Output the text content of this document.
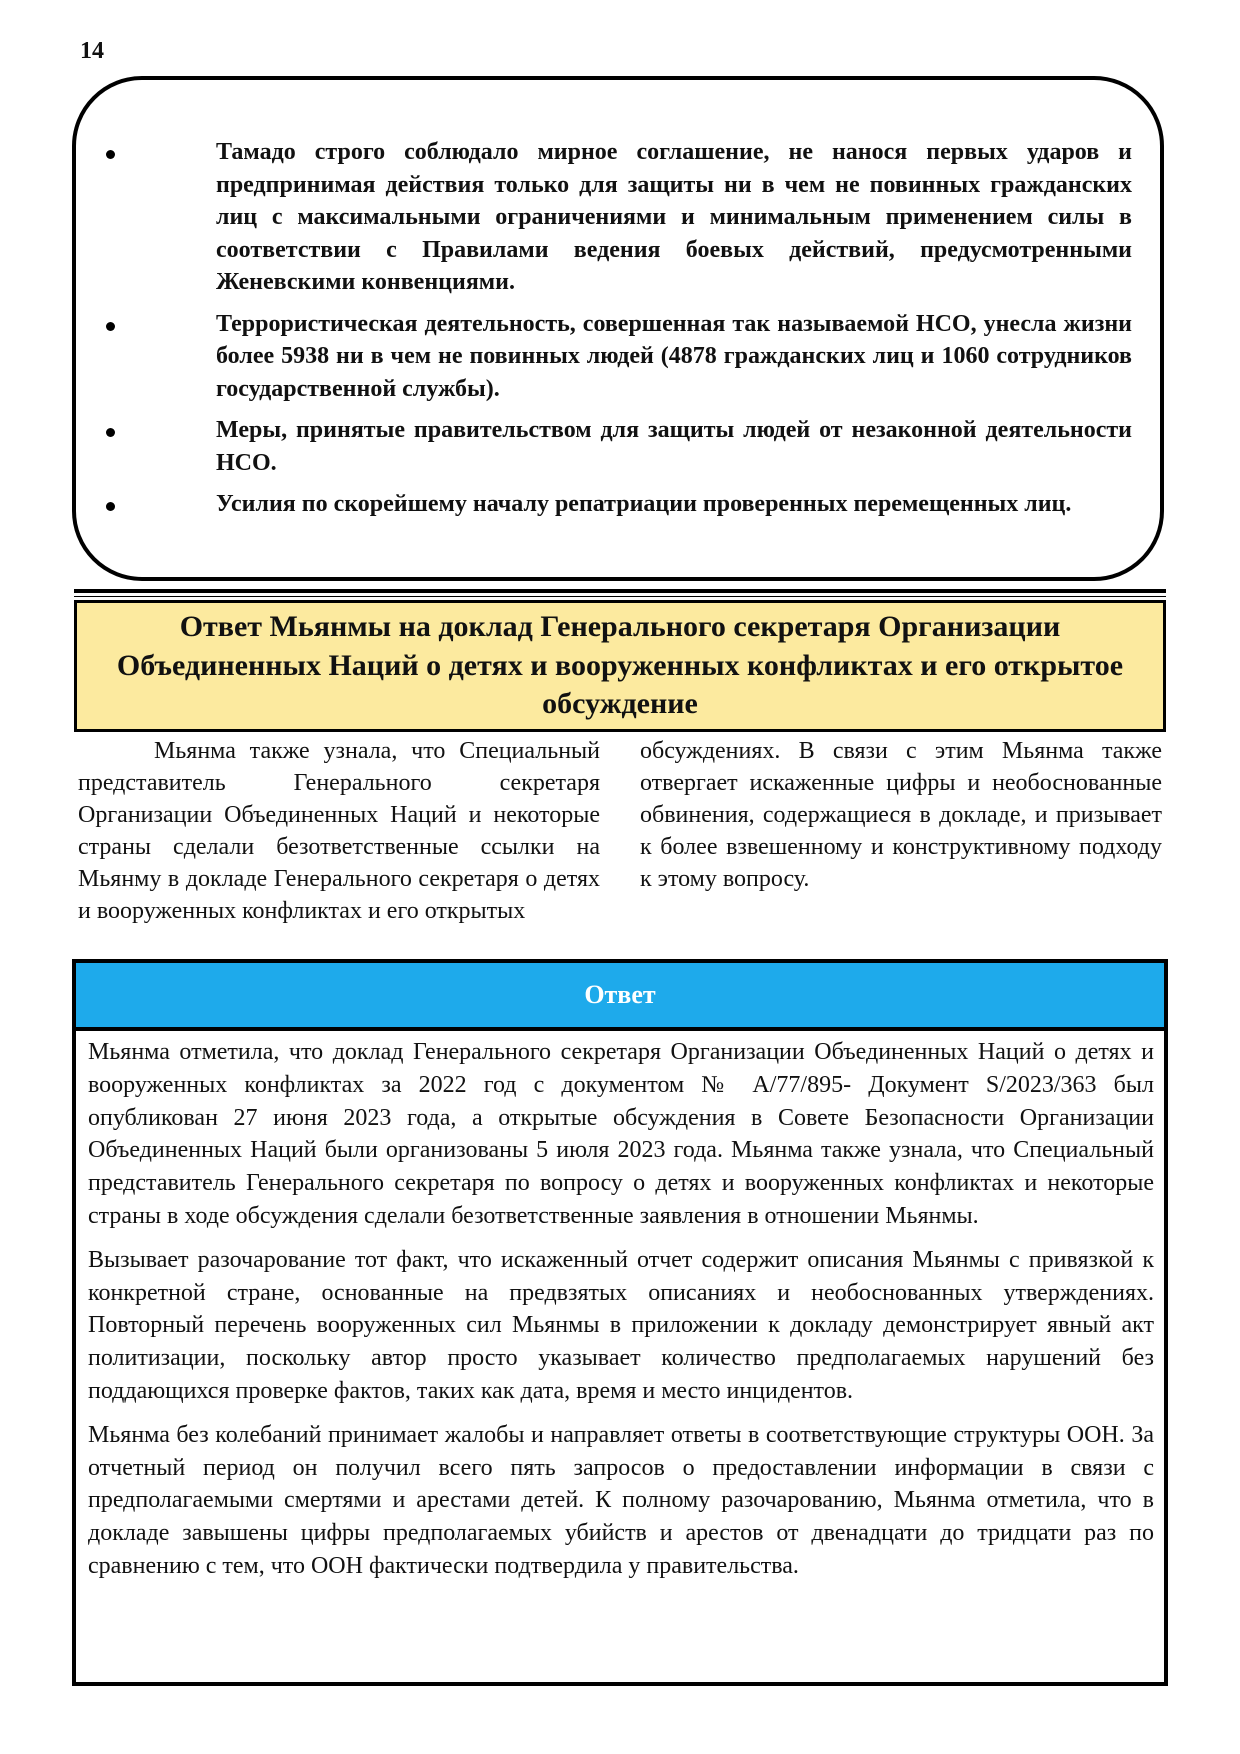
14
Тамадо строго соблюдало мирное соглашение, не нанося первых ударов и предпринимая действия только для защиты ни в чем не повинных гражданских лиц с максимальными ограничениями и минимальным применением силы в соответствии с Правилами ведения боевых действий, предусмотренными Женевскими конвенциями.
Террористическая деятельность, совершенная так называемой НСО, унесла жизни более 5938 ни в чем не повинных людей (4878 гражданских лиц и 1060 сотрудников государственной службы).
Меры, принятые правительством для защиты людей от незаконной деятельности НСО.
Усилия по скорейшему началу репатриации проверенных перемещенных лиц.
Ответ Мьянмы на доклад Генерального секретаря Организации Объединенных Наций о детях и вооруженных конфликтах и его открытое обсуждение
Мьянма также узнала, что Специальный представитель Генерального секретаря Организации Объединенных Наций и некоторые страны сделали безответственные ссылки на Мьянму в докладе Генерального секретаря о детях и вооруженных конфликтах и его открытых
обсуждениях. В связи с этим Мьянма также отвергает искаженные цифры и необоснованные обвинения, содержащиеся в докладе, и призывает к более взвешенному и конструктивному подходу к этому вопросу.
Ответ

Мьянма отметила, что доклад Генерального секретаря Организации Объединенных Наций о детях и вооруженных конфликтах за 2022 год с документом № A/77/895- Документ S/2023/363 был опубликован 27 июня 2023 года, а открытые обсуждения в Совете Безопасности Организации Объединенных Наций были организованы 5 июля 2023 года. Мьянма также узнала, что Специальный представитель Генерального секретаря по вопросу о детях и вооруженных конфликтах и некоторые страны в ходе обсуждения сделали безответственные заявления в отношении Мьянмы.

Вызывает разочарование тот факт, что искаженный отчет содержит описания Мьянмы с привязкой к конкретной стране, основанные на предвзятых описаниях и необоснованных утверждениях. Повторный перечень вооруженных сил Мьянмы в приложении к докладу демонстрирует явный акт политизации, поскольку автор просто указывает количество предполагаемых нарушений без поддающихся проверке фактов, таких как дата, время и место инцидентов.

Мьянма без колебаний принимает жалобы и направляет ответы в соответствующие структуры ООН. За отчетный период он получил всего пять запросов о предоставлении информации в связи с предполагаемыми смертями и арестами детей. К полному разочарованию, Мьянма отметила, что в докладе завышены цифры предполагаемых убийств и арестов от двенадцати до тридцати раз по сравнению с тем, что ООН фактически подтвердила у правительства.
